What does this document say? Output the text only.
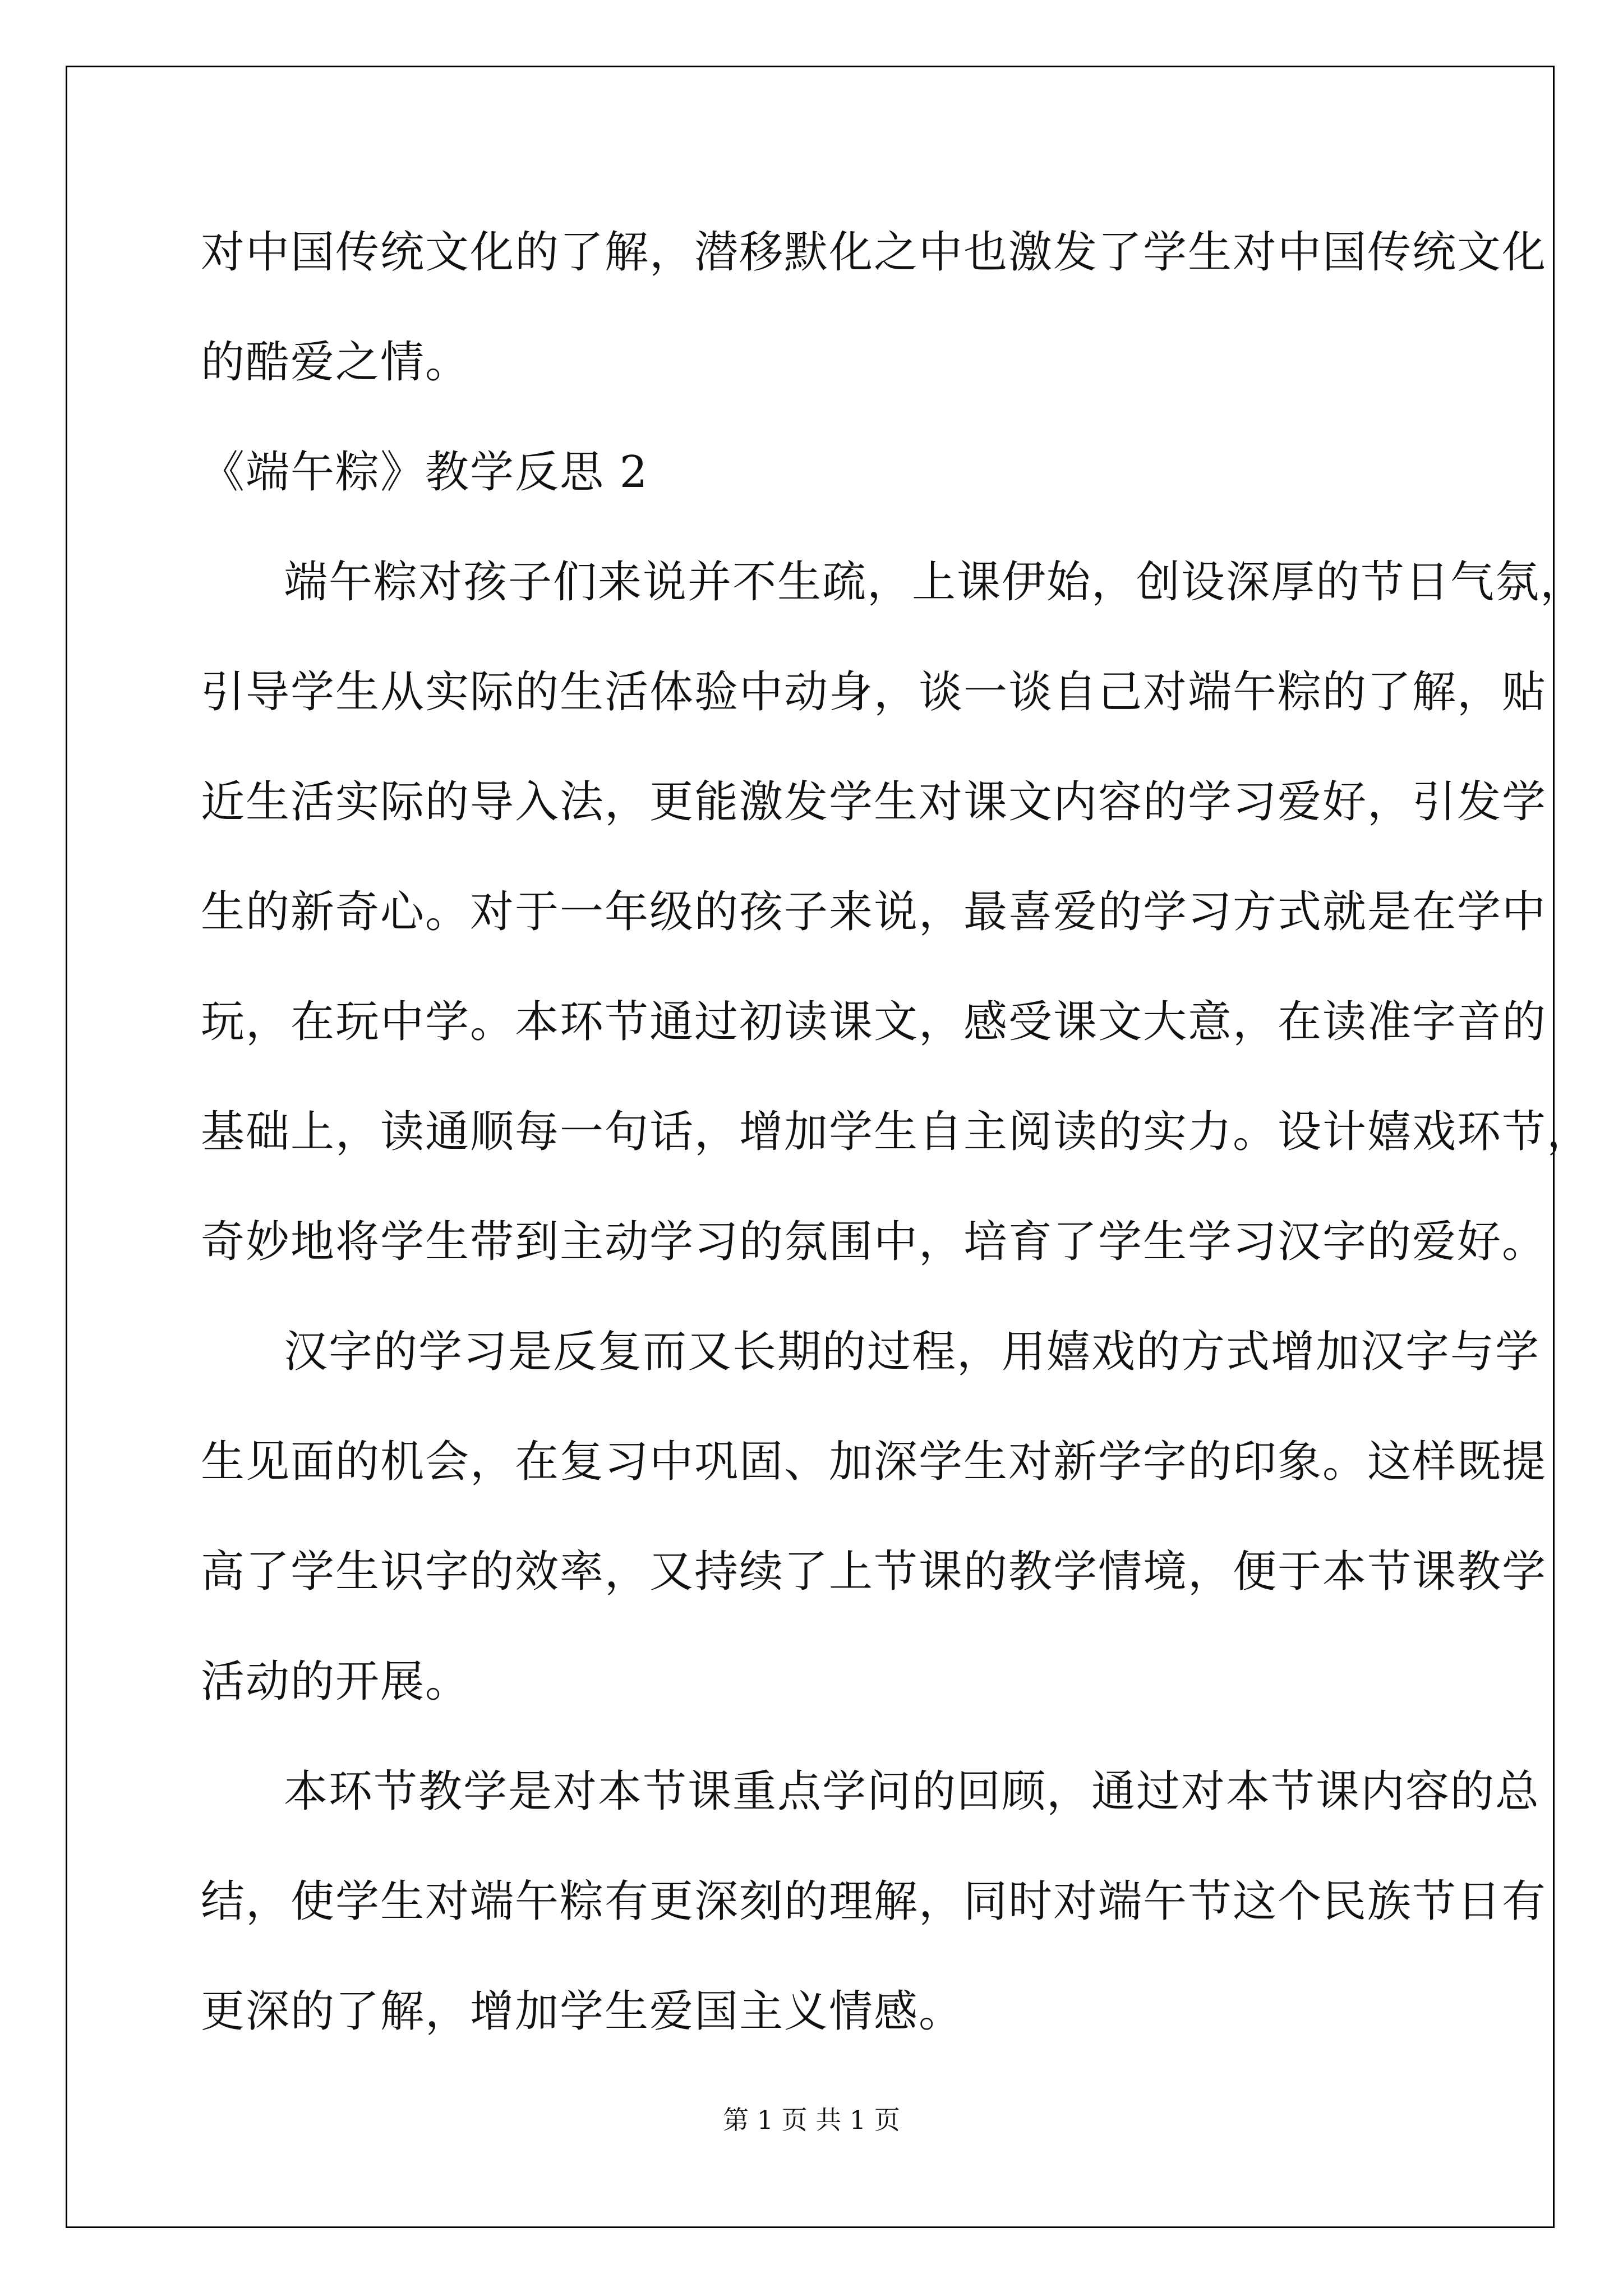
对中国传统文化的了解，潜移默化之中也激发了学生对中国传统文化
的酷爱之情。
《端午粽》教学反思 2
端午粽对孩子们来说并不生疏，上课伊始，创设深厚的节日气氛，
引导学生从实际的生活体验中动身，谈一谈自己对端午粽的了解，贴
近生活实际的导入法，更能激发学生对课文内容的学习爱好，引发学
生的新奇心。对于一年级的孩子来说，最喜爱的学习方式就是在学中
玩，在玩中学。本环节通过初读课文，感受课文大意，在读准字音的
基础上，读通顺每一句话，增加学生自主阅读的实力。设计嬉戏环节，
奇妙地将学生带到主动学习的氛围中，培育了学生学习汉字的爱好。
汉字的学习是反复而又长期的过程，用嬉戏的方式增加汉字与学
生见面的机会，在复习中巩固、加深学生对新学字的印象。这样既提
高了学生识字的效率，又持续了上节课的教学情境，便于本节课教学
活动的开展。
本环节教学是对本节课重点学问的回顾，通过对本节课内容的总
结，使学生对端午粽有更深刻的理解，同时对端午节这个民族节日有
更深的了解，增加学生爱国主义情感。
第 1 页 共 1 页
